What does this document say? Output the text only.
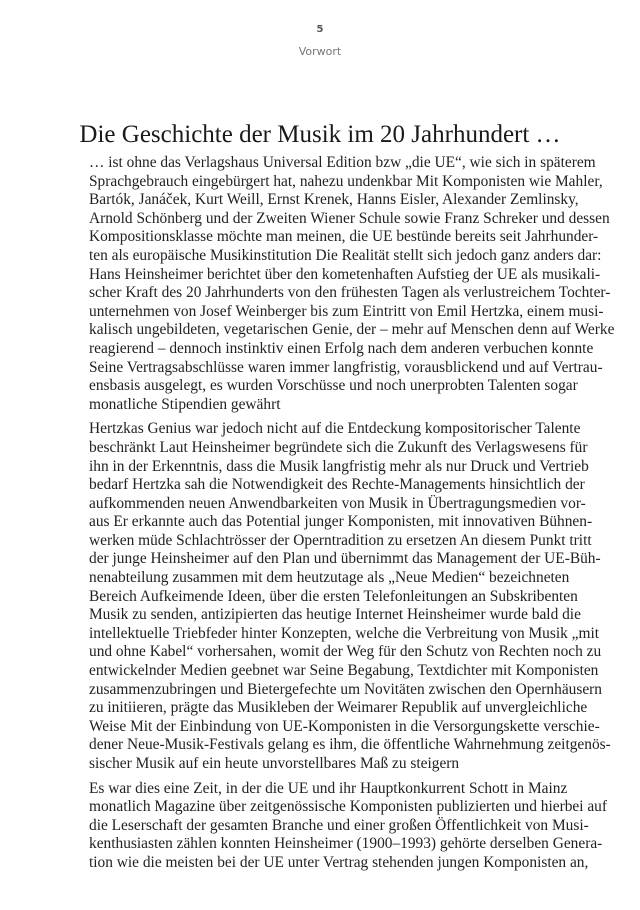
5
Vorwort
Die Geschichte der Musik im 20 Jahrhundert …

… ist ohne das Verlagshaus Universal Edition bzw „die UE“, wie sich in späterem
Sprachgebrauch eingebürgert hat, nahezu undenkbar Mit Komponisten wie Mahler,
Bartók, Janáček, Kurt Weill, Ernst Krenek, Hanns Eisler, Alexander Zemlinsky,
Arnold Schönberg und der Zweiten Wiener Schule sowie Franz Schreker und dessen
Kompositionsklasse möchte man meinen, die UE bestünde bereits seit Jahrhunder-
ten als europäische Musikinstitution Die Realität stellt sich jedoch ganz anders dar:
Hans Heinsheimer berichtet über den kometenhaften Aufstieg der UE als musikali-
scher Kraft des 20 Jahrhunderts von den frühesten Tagen als verlustreichem Tochter-
unternehmen von Josef Weinberger bis zum Eintritt von Emil Hertzka, einem musi-
kalisch ungebildeten, vegetarischen Genie, der – mehr auf Menschen denn auf Werke
reagierend – dennoch instinktiv einen Erfolg nach dem anderen verbuchen konnte
Seine Vertragsabschlüsse waren immer langfristig, vorausblickend und auf Vertrau-
ensbasis ausgelegt, es wurden Vorschüsse und noch unerprobten Talenten sogar
monatliche Stipendien gewährt

Hertzkas Genius war jedoch nicht auf die Entdeckung kompositorischer Talente
beschränkt Laut Heinsheimer begründete sich die Zukunft des Verlagswesens für
ihn in der Erkenntnis, dass die Musik langfristig mehr als nur Druck und Vertrieb
bedarf Hertzka sah die Notwendigkeit des Rechte-Managements hinsichtlich der
aufkommenden neuen Anwendbarkeiten von Musik in Übertragungsmedien vor-
aus Er erkannte auch das Potential junger Komponisten, mit innovativen Bühnen-
werken müde Schlachtrösser der Operntradition zu ersetzen An diesem Punkt tritt
der junge Heinsheimer auf den Plan und übernimmt das Management der UE-Büh-
nenabteilung zusammen mit dem heutzutage als „Neue Medien“ bezeichneten
Bereich Aufkeimende Ideen, über die ersten Telefonleitungen an Subskribenten
Musik zu senden, antizipierten das heutige Internet Heinsheimer wurde bald die
intellektuelle Triebfeder hinter Konzepten, welche die Verbreitung von Musik „mit
und ohne Kabel“ vorhersahen, womit der Weg für den Schutz von Rechten noch zu
entwickelnder Medien geebnet war Seine Begabung, Textdichter mit Komponisten
zusammenzubringen und Bietergefechte um Novitäten zwischen den Opernhäusern
zu initiieren, prägte das Musikleben der Weimarer Republik auf unvergleichliche
Weise Mit der Einbindung von UE-Komponisten in die Versorgungskette verschie-
dener Neue-Musik-Festivals gelang es ihm, die öffentliche Wahrnehmung zeitgenös-
sischer Musik auf ein heute unvorstellbares Maß zu steigern

Es war dies eine Zeit, in der die UE und ihr Hauptkonkurrent Schott in Mainz
monatlich Magazine über zeitgenössische Komponisten publizierten und hierbei auf
die Leserschaft der gesamten Branche und einer großen Öffentlichkeit von Musi-
kenthusiasten zählen konnten Heinsheimer (1900–1993) gehörte derselben Genera-
tion wie die meisten bei der UE unter Vertrag stehenden jungen Komponisten an,
